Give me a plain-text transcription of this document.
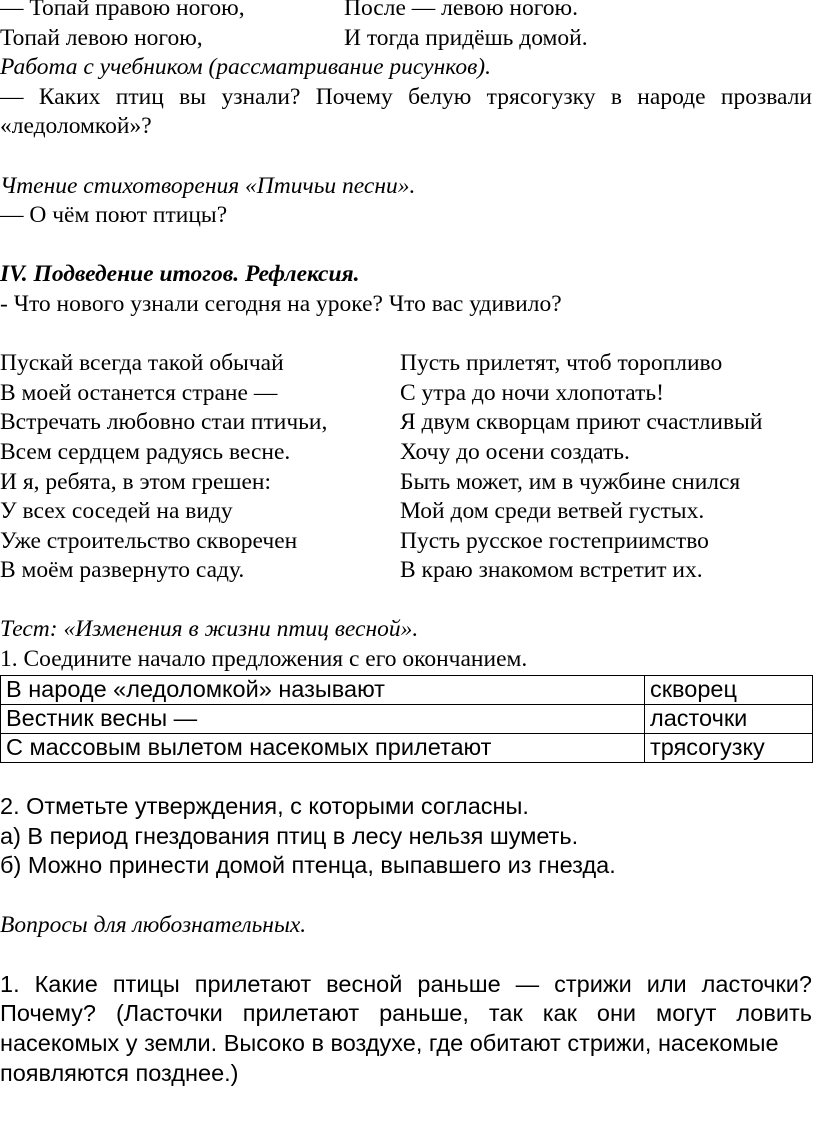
— Топай правою ногою,	После — левою ногою.
Топай левою ногою,	И тогда придёшь домой.
Работа с учебником (рассматривание рисунков).
— Каких птиц вы узнали? Почему белую трясогузку в народе прозвали
«ледоломкой»?
Чтение стихотворения «Птичьи песни».
— О чём поют птицы?
IV. Подведение итогов. Рефлексия.
- Что нового узнали сегодня на уроке? Что вас удивило?
Пускай всегда такой обычай	Пусть прилетят, чтоб торопливо
В моей останется стране —	С утра до ночи хлопотать!
Встречать любовно стаи птичьи,	Я двум скворцам приют счастливый
Всем сердцем радуясь весне.	Хочу до осени создать.
И я, ребята, в этом грешен:	Быть может, им в чужбине снился
У всех соседей на виду	Мой дом среди ветвей густых.
Уже строительство скворечен	Пусть русское гостеприимство
В моём развернуто саду.	В краю знакомом встретит их.
Тест: «Изменения в жизни птиц весной».
1. Соедините начало предложения с его окончанием.
В народе «ледоломкой» называют	скворец
Вестник весны —	ласточки
С массовым вылетом насекомых прилетают	трясогузку
2. Отметьте утверждения, с которыми согласны.
а) В период гнездования птиц в лесу нельзя шуметь.
б) Можно принести домой птенца, выпавшего из гнезда.
Вопросы для любознательных.
1. Какие птицы прилетают весной раньше — стрижи или ласточки?
Почему? (Ласточки прилетают раньше, так как они могут ловить
насекомых у земли. Высоко в воздухе, где обитают стрижи, насекомые
появляются позднее.)
